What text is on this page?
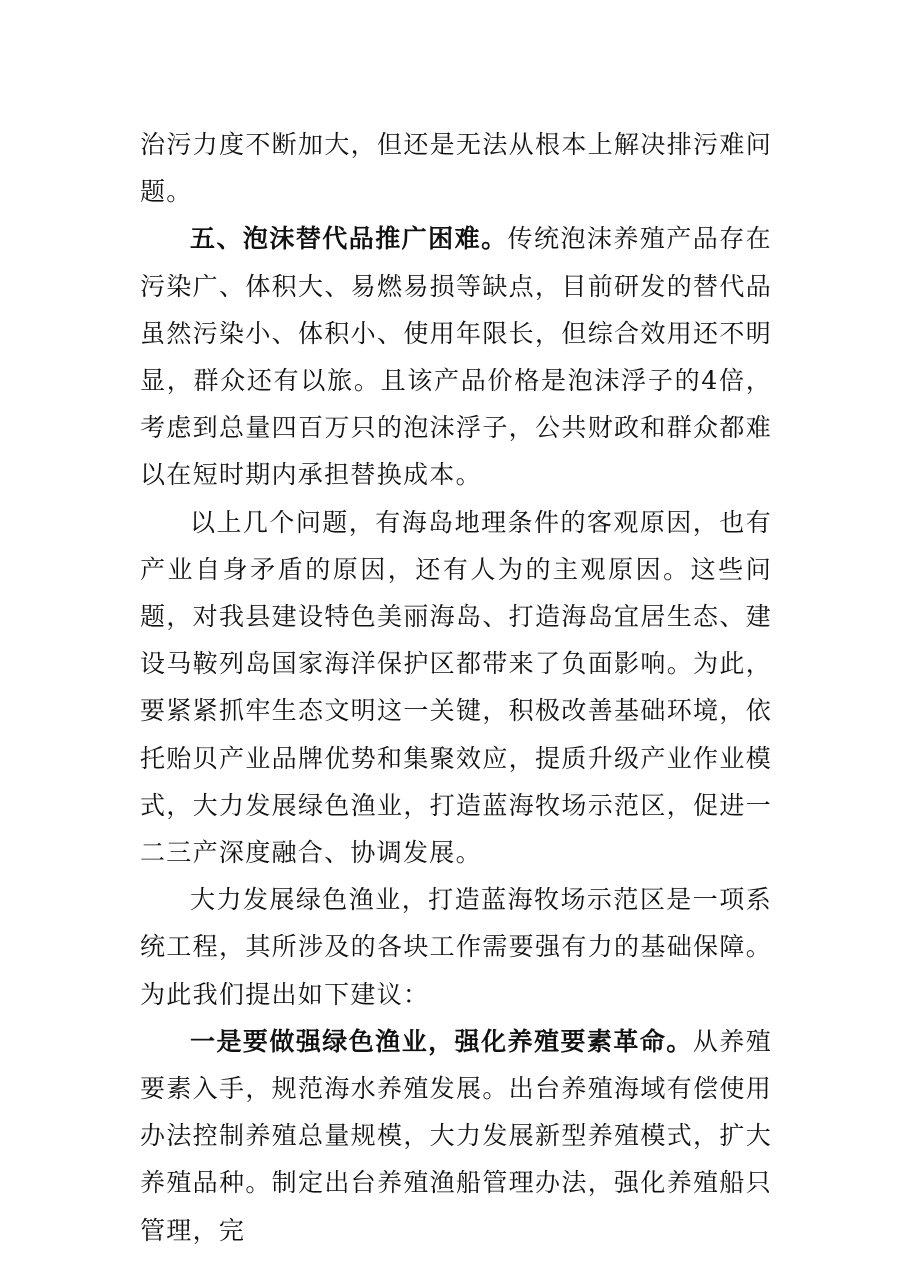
治污力度不断加大，但还是无法从根本上解决排污难问题。

五、泡沫替代品推广困难。传统泡沫养殖产品存在污染广、体积大、易燃易损等缺点，目前研发的替代品虽然污染小、体积小、使用年限长，但综合效用还不明显，群众还有以旅。且该产品价格是泡沫浮子的4倍，考虑到总量四百万只的泡沫浮子，公共财政和群众都难以在短时期内承担替换成本。

以上几个问题，有海岛地理条件的客观原因，也有产业自身矛盾的原因，还有人为的主观原因。这些问题，对我县建设特色美丽海岛、打造海岛宜居生态、建设马鞍列岛国家海洋保护区都带来了负面影响。为此，要紧紧抓牢生态文明这一关键，积极改善基础环境，依托贻贝产业品牌优势和集聚效应，提质升级产业作业模式，大力发展绿色渔业，打造蓝海牧场示范区，促进一二三产深度融合、协调发展。

大力发展绿色渔业，打造蓝海牧场示范区是一项系统工程，其所涉及的各块工作需要强有力的基础保障。为此我们提出如下建议：

一是要做强绿色渔业，强化养殖要素革命。从养殖要素入手，规范海水养殖发展。出台养殖海域有偿使用办法控制养殖总量规模，大力发展新型养殖模式，扩大养殖品种。制定出台养殖渔船管理办法，强化养殖船只管理，完
